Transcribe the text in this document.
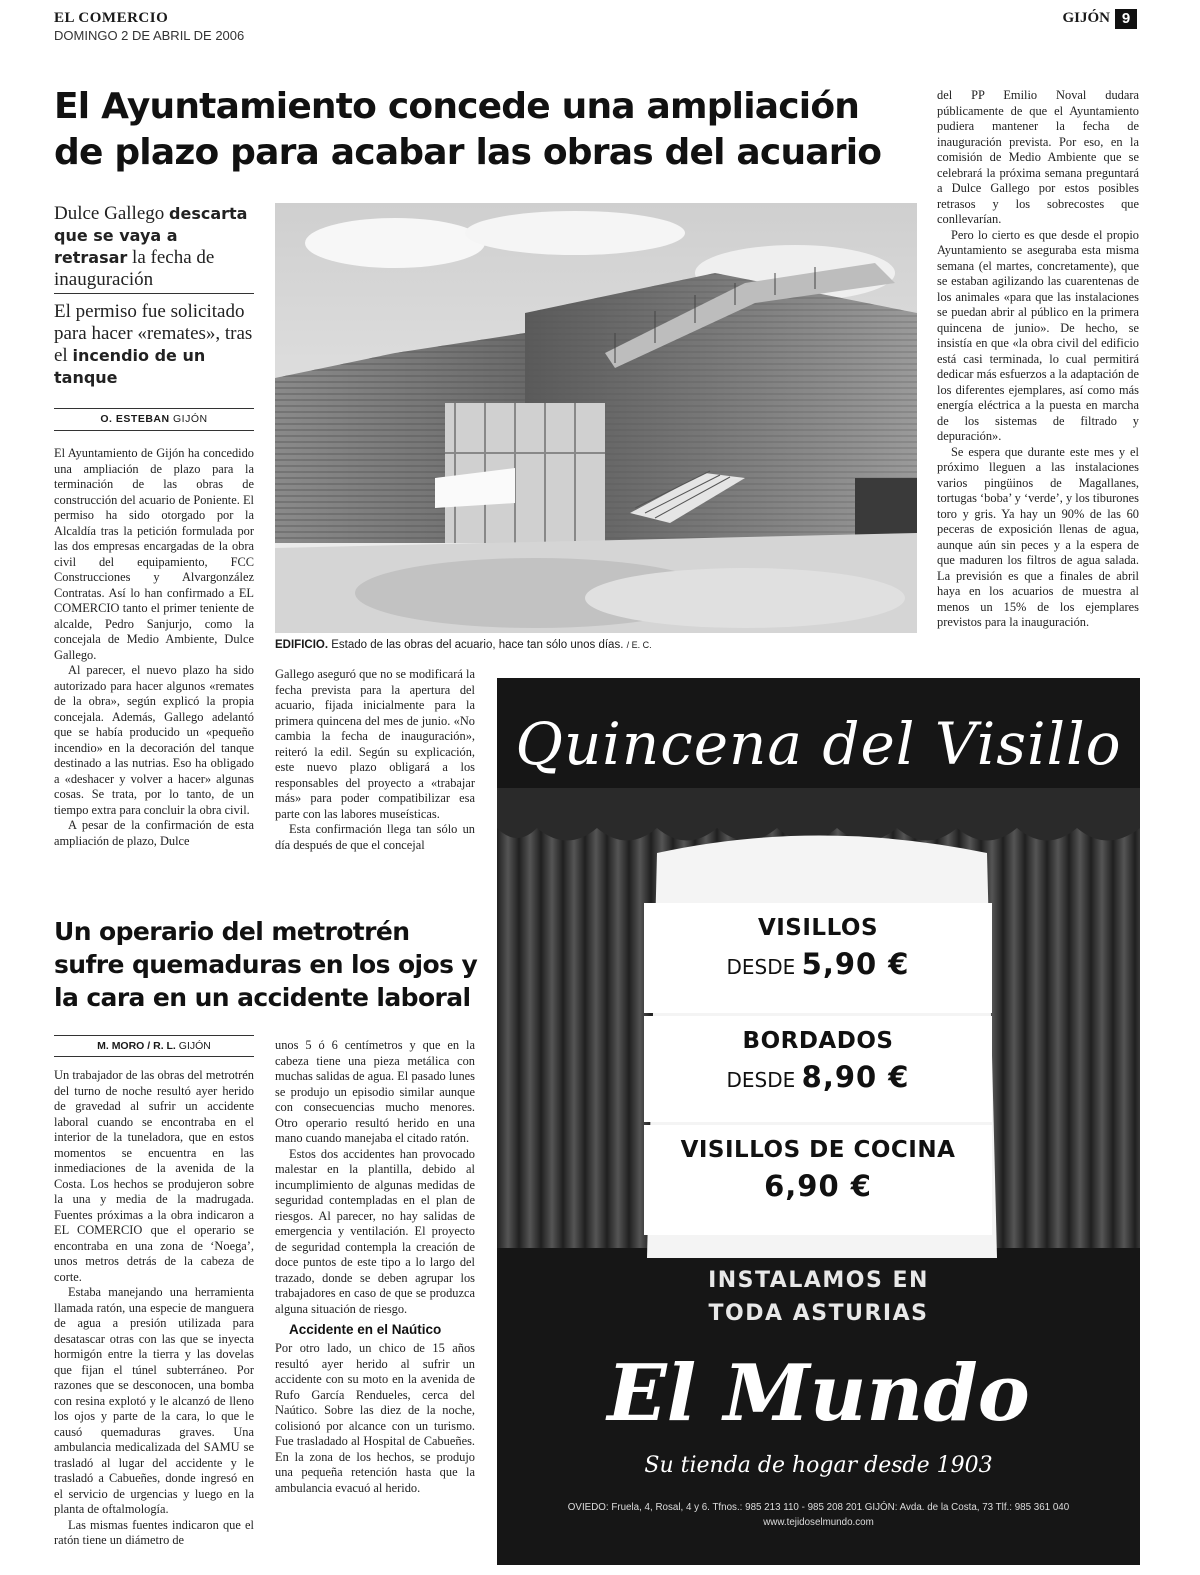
EL COMERCIO
DOMINGO 2 DE ABRIL DE 2006
GIJÓN 9
El Ayuntamiento concede una ampliación de plazo para acabar las obras del acuario
Dulce Gallego descarta que se vaya a retrasar la fecha de inauguración
El permiso fue solicitado para hacer «remates», tras el incendio de un tanque
O. ESTEBAN GIJÓN

El Ayuntamiento de Gijón ha concedido una ampliación de plazo para la terminación de las obras de construcción del acuario de Poniente. El permiso ha sido otorgado por la Alcaldía tras la petición formulada por las dos empresas encargadas de la obra civil del equipamiento, FCC Construcciones y Alvargonzález Contratas. Así lo han confirmado a EL COMERCIO tanto el primer teniente de alcalde, Pedro Sanjurjo, como la concejala de Medio Ambiente, Dulce Gallego.

Al parecer, el nuevo plazo ha sido autorizado para hacer algunos «remates de la obra», según explicó la propia concejala. Además, Gallego adelantó que se había producido un «pequeño incendio» en la decoración del tanque destinado a las nutrias. Eso ha obligado a «deshacer y volver a hacer» algunas cosas. Se trata, por lo tanto, de un tiempo extra para concluir la obra civil.

A pesar de la confirmación de esta ampliación de plazo, Dulce

EDIFICIO. Estado de las obras del acuario, hace tan sólo unos días. / E. C.

Gallego aseguró que no se modificará la fecha prevista para la apertura del acuario, fijada inicialmente para la primera quincena del mes de junio. «No cambia la fecha de inauguración», reiteró la edil. Según su explicación, este nuevo plazo obligará a los responsables del proyecto a «trabajar más» para poder compatibilizar esa parte con las labores museísticas.

Esta confirmación llega tan sólo un día después de que el concejal

del PP Emilio Noval dudara públicamente de que el Ayuntamiento pudiera mantener la fecha de inauguración prevista. Por eso, en la comisión de Medio Ambiente que se celebrará la próxima semana preguntará a Dulce Gallego por estos posibles retrasos y los sobrecostes que conllevarían.

Pero lo cierto es que desde el propio Ayuntamiento se aseguraba esta misma semana (el martes, concretamente), que se estaban agilizando las cuarentenas de los animales «para que las instalaciones se puedan abrir al público en la primera quincena de junio». De hecho, se insistía en que «la obra civil del edificio está casi terminada, lo cual permitirá dedicar más esfuerzos a la adaptación de los diferentes ejemplares, así como más energía eléctrica a la puesta en marcha de los sistemas de filtrado y depuración».

Se espera que durante este mes y el próximo lleguen a las instalaciones varios pingüinos de Magallanes, tortugas ‘boba’ y ‘verde’, y los tiburones toro y gris. Ya hay un 90% de las 60 peceras de exposición llenas de agua, aunque aún sin peces y a la espera de que maduren los filtros de agua salada. La previsión es que a finales de abril haya en los acuarios de muestra al menos un 15% de los ejemplares previstos para la inauguración.

Un operario del metrotrén sufre quemaduras en los ojos y la cara en un accidente laboral
M. MORO / R. L. GIJÓN

Un trabajador de las obras del metrotrén del turno de noche resultó ayer herido de gravedad al sufrir un accidente laboral cuando se encontraba en el interior de la tuneladora, que en estos momentos se encuentra en las inmediaciones de la avenida de la Costa. Los hechos se produjeron sobre la una y media de la madrugada. Fuentes próximas a la obra indicaron a EL COMERCIO que el operario se encontraba en una zona de ‘Noega’, unos metros detrás de la cabeza de corte.

Estaba manejando una herramienta llamada ratón, una especie de manguera de agua a presión utilizada para desatascar otras con las que se inyecta hormigón entre la tierra y las dovelas que fijan el túnel subterráneo. Por razones que se desconocen, una bomba con resina explotó y le alcanzó de lleno los ojos y parte de la cara, lo que le causó quemaduras graves. Una ambulancia medicalizada del SAMU se trasladó al lugar del accidente y le trasladó a Cabueñes, donde ingresó en el servicio de urgencias y luego en la planta de oftalmología.

Las mismas fuentes indicaron que el ratón tiene un diámetro de

unos 5 ó 6 centímetros y que en la cabeza tiene una pieza metálica con muchas salidas de agua. El pasado lunes se produjo un episodio similar aunque con consecuencias mucho menores. Otro operario resultó herido en una mano cuando manejaba el citado ratón.

Estos dos accidentes han provocado malestar en la plantilla, debido al incumplimiento de algunas medidas de seguridad contempladas en el plan de riesgos. Al parecer, no hay salidas de emergencia y ventilación. El proyecto de seguridad contempla la creación de doce puntos de este tipo a lo largo del trazado, donde se deben agrupar los trabajadores en caso de que se produzca alguna situación de riesgo.

Accidente en el Naútico

Por otro lado, un chico de 15 años resultó ayer herido al sufrir un accidente con su moto en la avenida de Rufo García Rendueles, cerca del Naútico. Sobre las diez de la noche, colisionó por alcance con un turismo. Fue trasladado al Hospital de Cabueñes. En la zona de los hechos, se produjo una pequeña retención hasta que la ambulancia evacuó al herido.

Quincena del Visillo
VISILLOS
DESDE 5,90 €
BORDADOS
DESDE 8,90 €
VISILLOS DE COCINA
6,90 €
INSTALAMOS EN
TODA ASTURIAS
El Mundo
Su tienda de hogar desde 1903
OVIEDO: Fruela, 4, Rosal, 4 y 6. Tfnos.: 985 213 110 - 985 208 201 GIJÓN: Avda. de la Costa, 73 Tlf.: 985 361 040
www.tejidoselmundo.com
